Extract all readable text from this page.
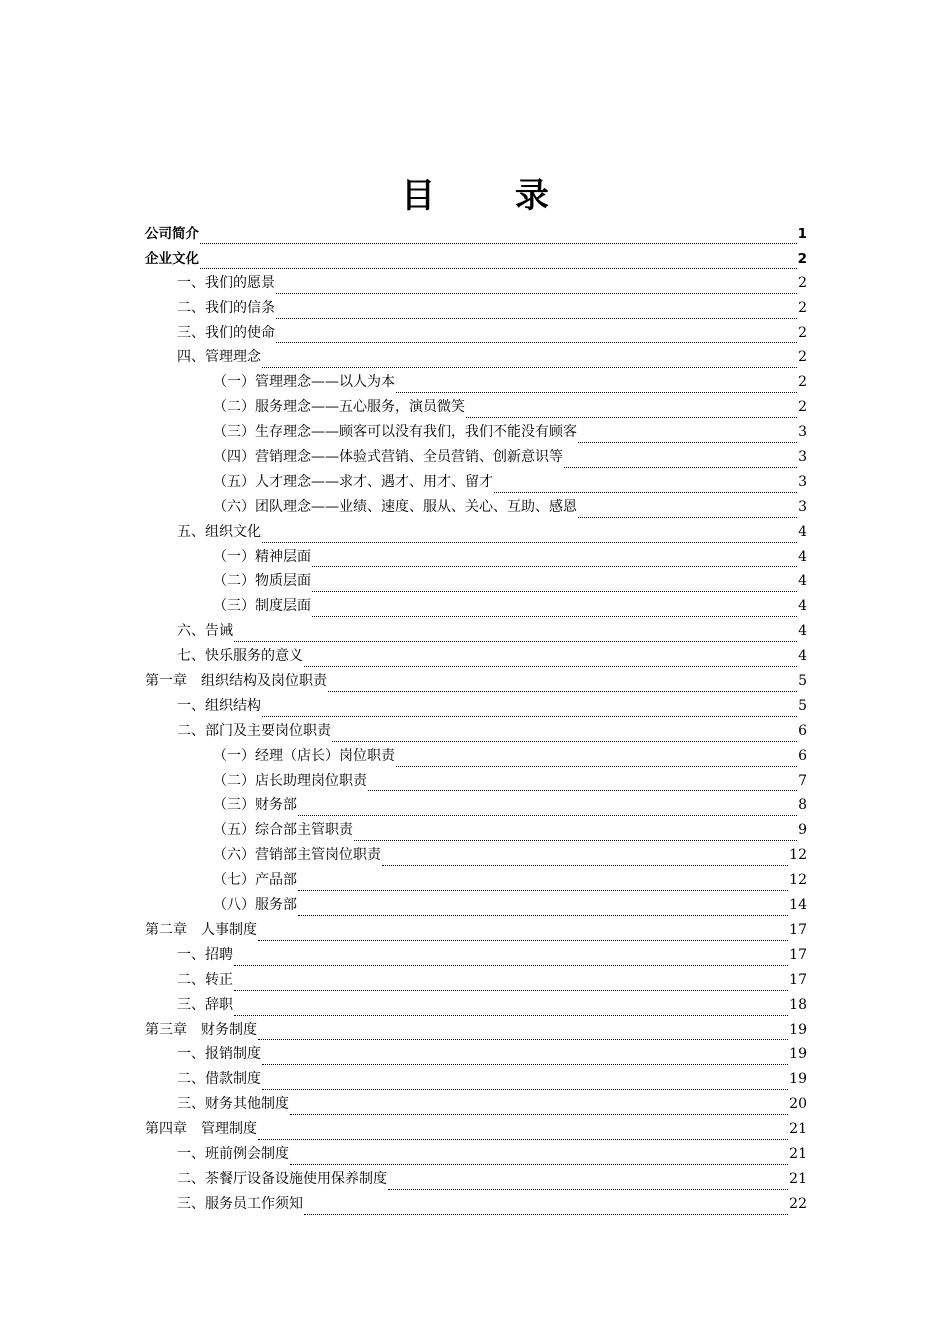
目 录
公司简介	1
企业文化	2
一、我们的愿景	2
二、我们的信条	2
三、我们的使命	2
四、管理理念	2
（一）管理理念——以人为本	2
（二）服务理念——五心服务，演员微笑	2
（三）生存理念——顾客可以没有我们，我们不能没有顾客	3
（四）营销理念——体验式营销、全员营销、创新意识等	3
（五）人才理念——求才、遇才、用才、留才	3
（六）团队理念——业绩、速度、服从、关心、互助、感恩	3
五、组织文化	4
（一）精神层面	4
（二）物质层面	4
（三）制度层面	4
六、告诫	4
七、快乐服务的意义	4
第一章　组织结构及岗位职责	5
一、组织结构	5
二、部门及主要岗位职责	6
（一）经理（店长）岗位职责	6
（二）店长助理岗位职责	7
（三）财务部	8
（五）综合部主管职责	9
（六）营销部主管岗位职责	12
（七）产品部	12
（八）服务部	14
第二章　人事制度	17
一、招聘	17
二、转正	17
三、辞职	18
第三章　财务制度	19
一、报销制度	19
二、借款制度	19
三、财务其他制度	20
第四章　管理制度	21
一、班前例会制度	21
二、茶餐厅设备设施使用保养制度	21
三、服务员工作须知	22
